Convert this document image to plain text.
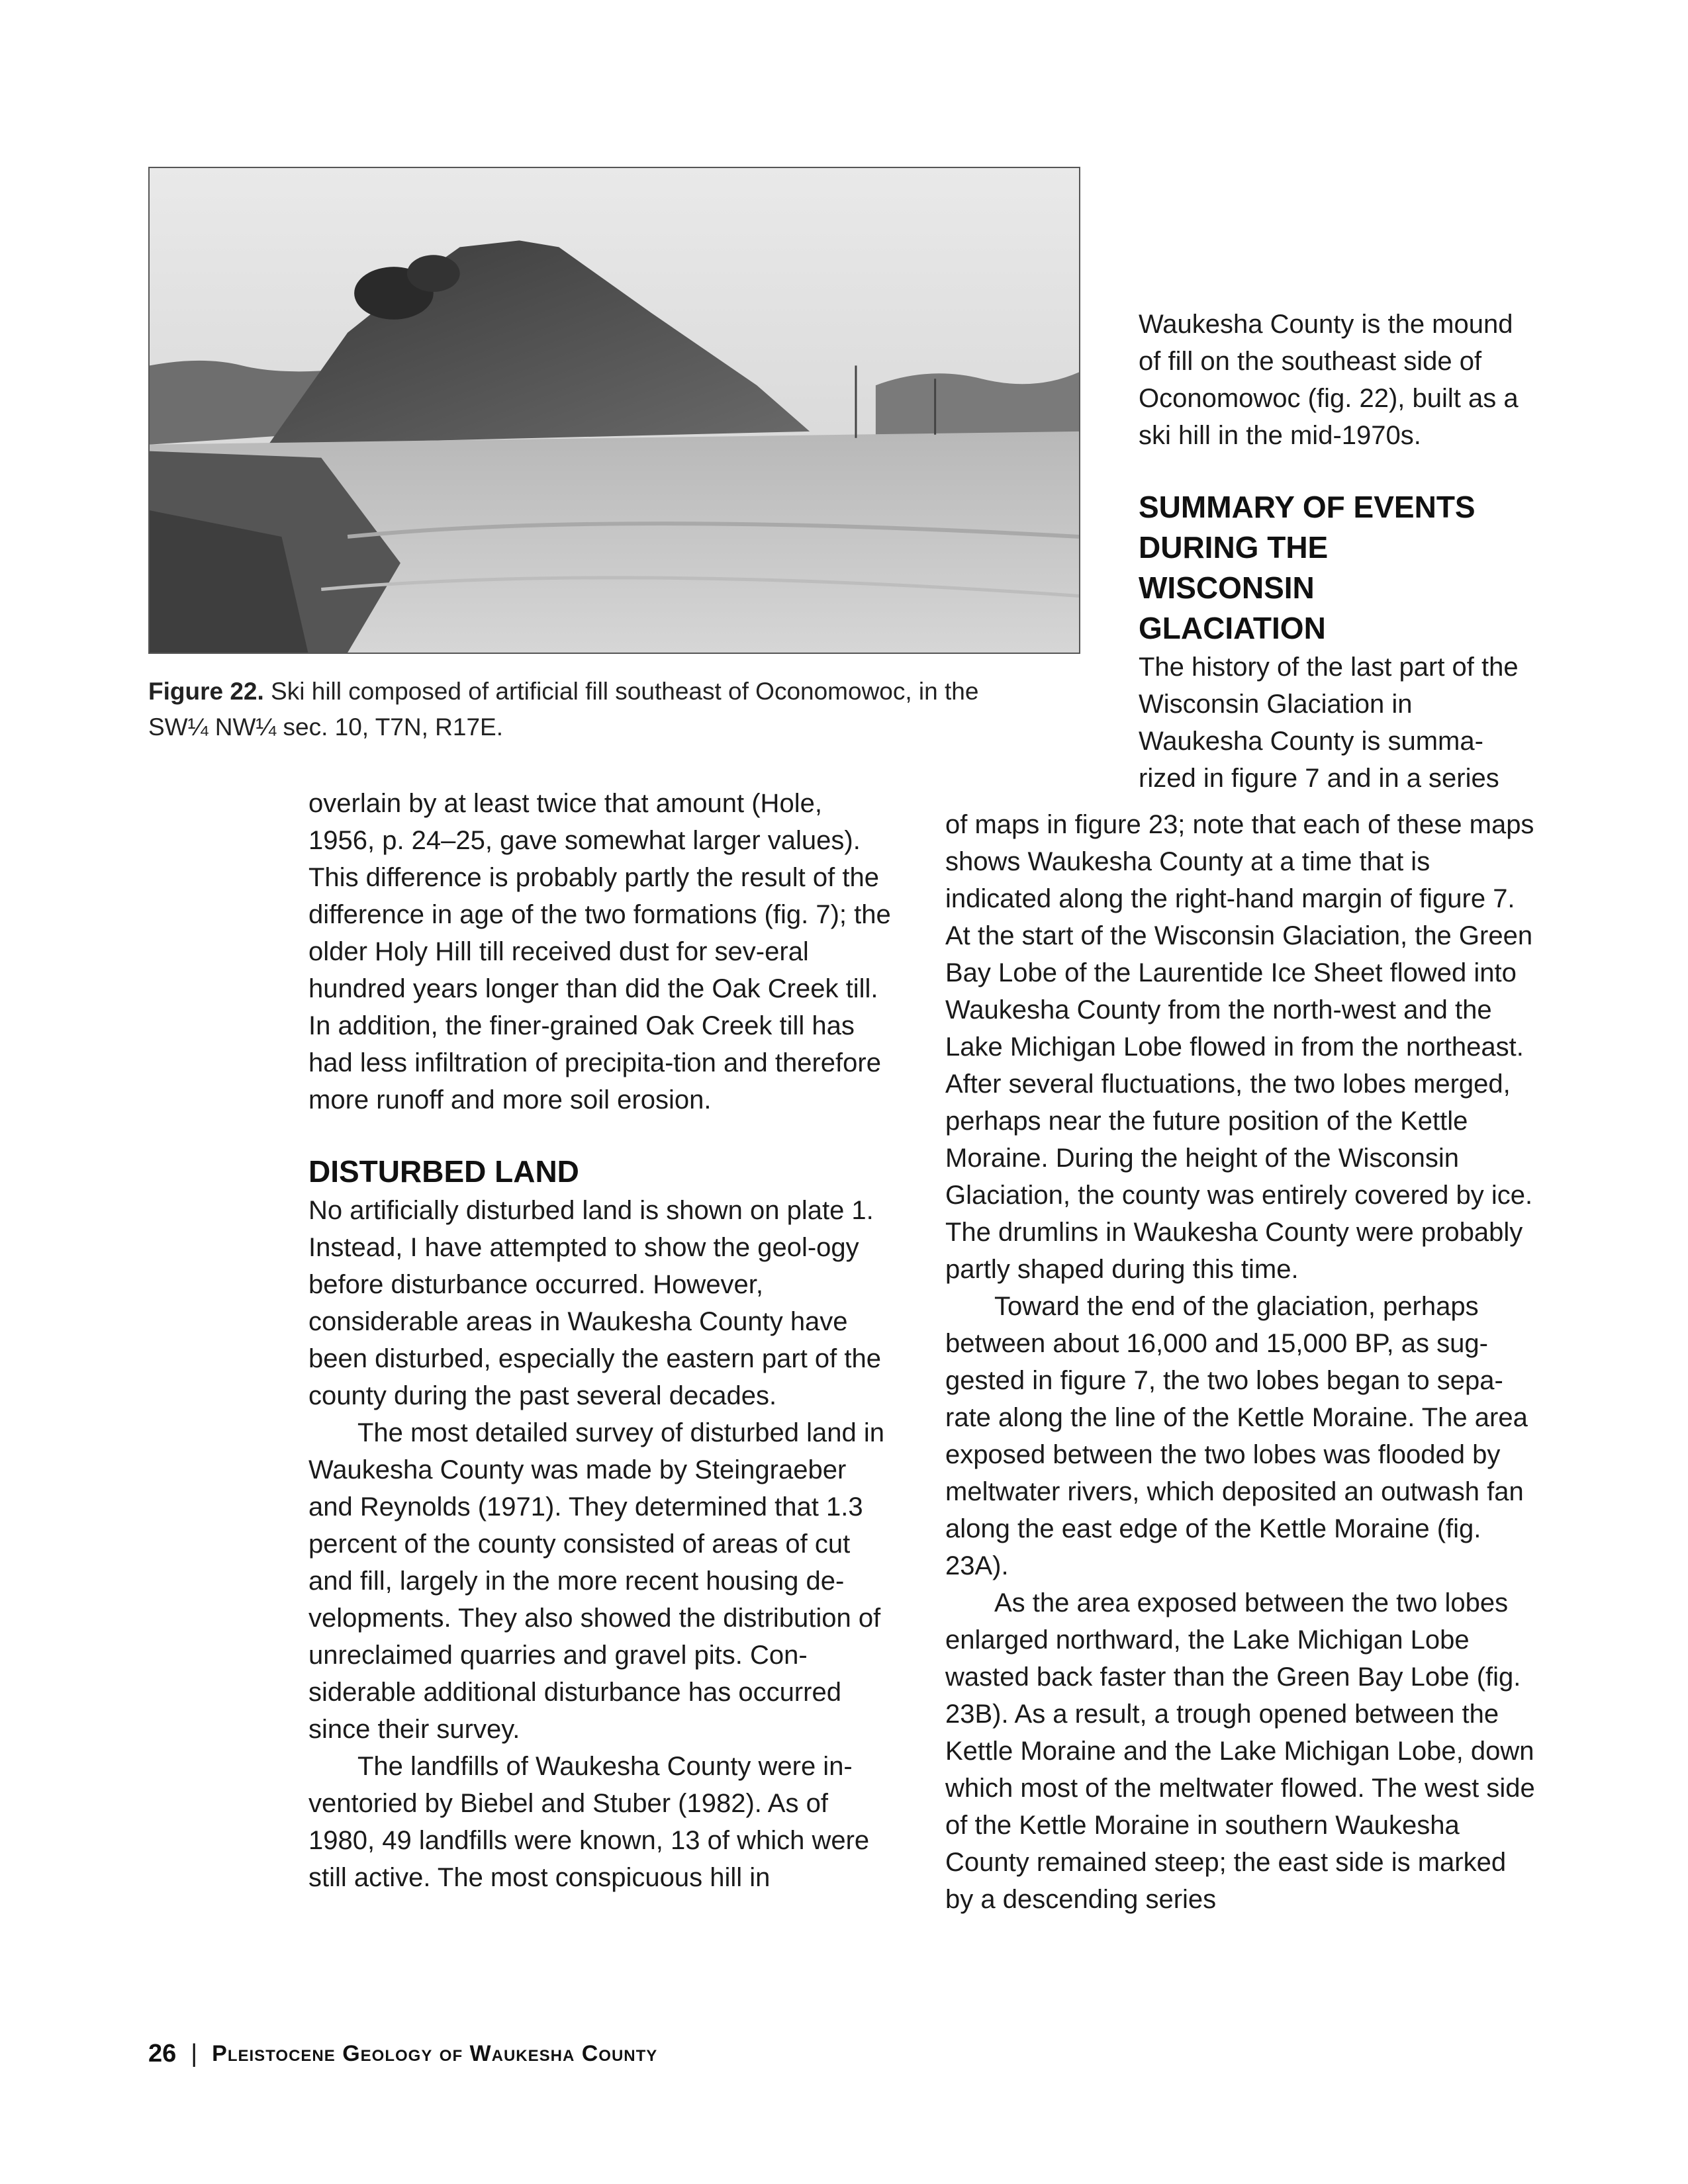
Figure 22. Ski hill composed of artificial fill southeast of Oconomowoc, in the SW¼ NW¼ sec. 10, T7N, R17E.

Waukesha County is the mound of fill on the southeast side of Oconomowoc (fig. 22), built as a ski hill in the mid-1970s.

SUMMARY OF EVENTS

DURING THE

WISCONSIN

GLACIATION

The history of the last part of the Wisconsin Glaciation in Waukesha County is summa-rized in figure 7 and in a series

overlain by at least twice that amount (Hole, 1956, p. 24–25, gave somewhat larger values). This difference is probably partly the result of the difference in age of the two formations (fig. 7); the older Holy Hill till received dust for sev-eral hundred years longer than did the Oak Creek till. In addition, the finer-grained Oak Creek till has had less infiltration of precipita-tion and therefore more runoff and more soil erosion.

DISTURBED LAND

No artificially disturbed land is shown on plate 1. Instead, I have attempted to show the geol-ogy before disturbance occurred. However, considerable areas in Waukesha County have been disturbed, especially the eastern part of the county during the past several decades.

The most detailed survey of disturbed land in Waukesha County was made by Steingraeber and Reynolds (1971). They determined that 1.3 percent of the county consisted of areas of cut and fill, largely in the more recent housing de-velopments. They also showed the distribution of unreclaimed quarries and gravel pits. Con-siderable additional disturbance has occurred since their survey.

The landfills of Waukesha County were in-ventoried by Biebel and Stuber (1982). As of 1980, 49 landfills were known, 13 of which were still active. The most conspicuous hill in

of maps in figure 23; note that each of these maps shows Waukesha County at a time that is indicated along the right-hand margin of figure 7. At the start of the Wisconsin Glaciation, the Green Bay Lobe of the Laurentide Ice Sheet flowed into Waukesha County from the north-west and the Lake Michigan Lobe flowed in from the northeast. After several fluctuations, the two lobes merged, perhaps near the future position of the Kettle Moraine. During the height of the Wisconsin Glaciation, the county was entirely covered by ice. The drumlins in Waukesha County were probably partly shaped during this time.

Toward the end of the glaciation, perhaps between about 16,000 and 15,000 BP, as sug-gested in figure 7, the two lobes began to sepa-rate along the line of the Kettle Moraine. The area exposed between the two lobes was flooded by meltwater rivers, which deposited an outwash fan along the east edge of the Kettle Moraine (fig. 23A).

As the area exposed between the two lobes enlarged northward, the Lake Michigan Lobe wasted back faster than the Green Bay Lobe (fig. 23B). As a result, a trough opened between the Kettle Moraine and the Lake Michigan Lobe, down which most of the meltwater flowed. The west side of the Kettle Moraine in southern Waukesha County remained steep; the east side is marked by a descending series

26 | Pleistocene Geology of Waukesha County
